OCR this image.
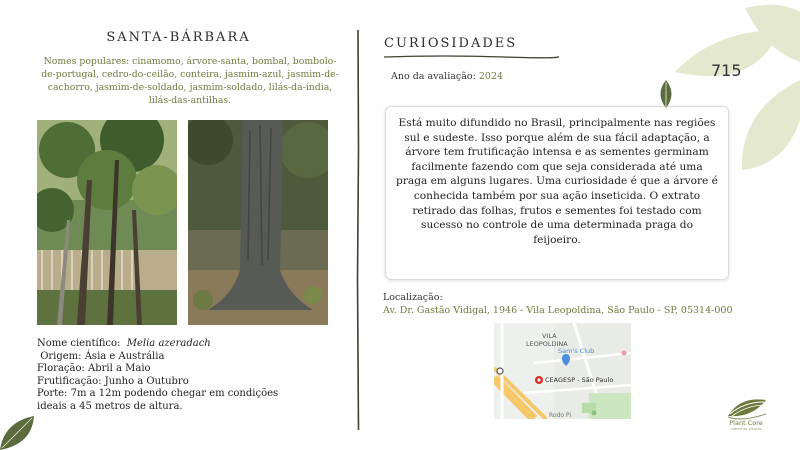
SANTA-BÁRBARA
Nomes populares: cinamomo, árvore-santa, bombal, bombolo-de-portugal, cedro-do-ceilão, conteira, jasmim-azul, jasmim-de-cachorro, jasmim-de-soldado, jasmim-soldado, lilás-da-índia, lilás-das-antilhas.
Nome científico: Melia azeradach
Origem: Ásia e Austrália
Floração: Abril a Maio
Frutificação: Junho a Outubro
Porte: 7m a 12m podendo chegar em condições
ideais a 45 metros de altura.
CURIOSIDADES
Ano da avaliação: 2024
Está muito difundido no Brasil, principalmente nas regiões sul e sudeste. Isso porque além de sua fácil adaptação, a árvore tem frutificação intensa e as sementes germinam facilmente fazendo com que seja considerada até uma praga em alguns lugares. Uma curiosidade é que a árvore é conhecida também por sua ação inseticida. O extrato retirado das folhas, frutos e sementes foi testado com sucesso no controle de uma determinada praga do feijoeiro.
Localização:
Av. Dr. Gastão Vidigal, 1946 - Vila Leopoldina, São Paulo - SP, 05314-000
VILA
LEOPOLDINA
Sam's Club
CEAGESP - São Paulo
Rodo Pi
715
Plant Core
nature de plantas
